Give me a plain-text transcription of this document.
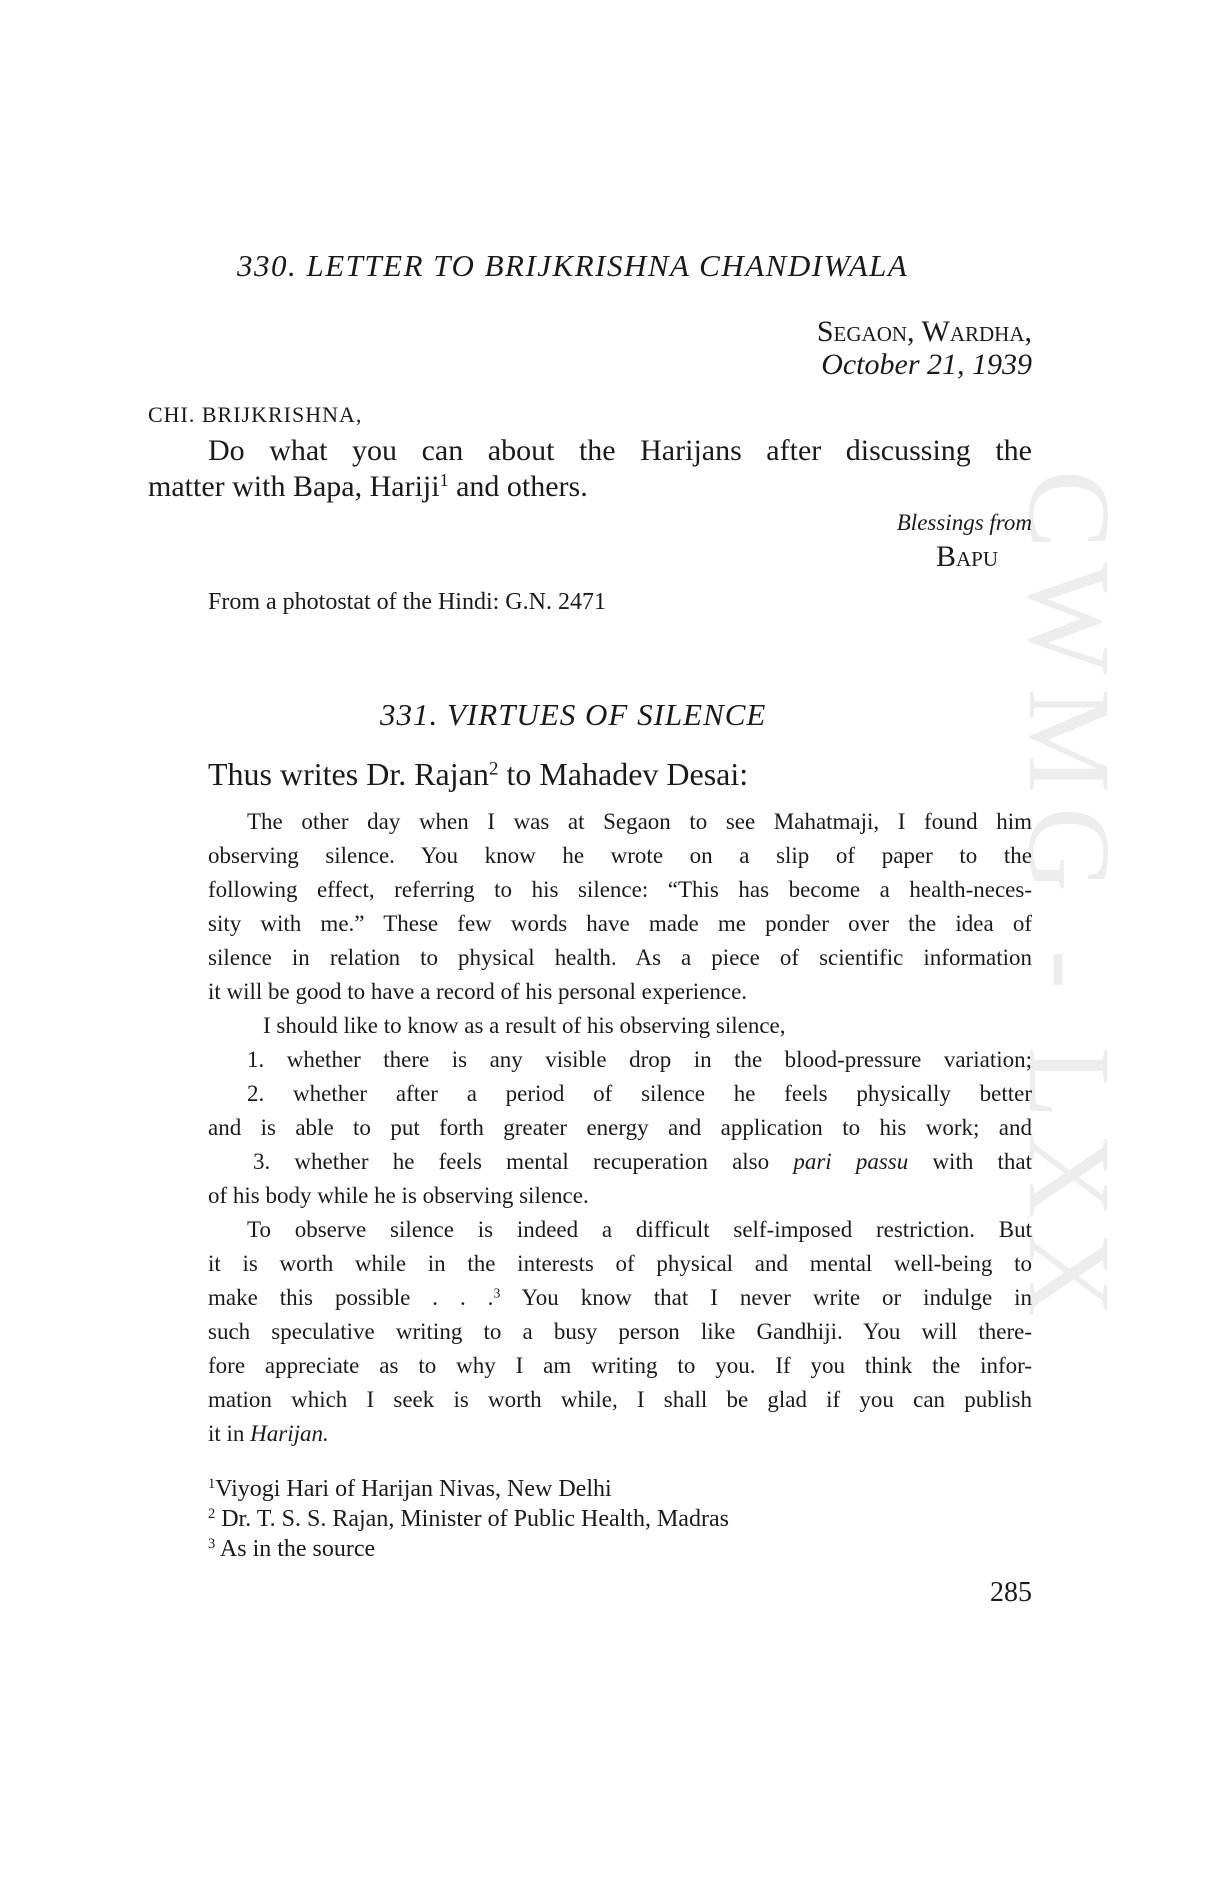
CWMG - LXX
330. LETTER TO BRIJKRISHNA CHANDIWALA
Segaon, Wardha,
October 21, 1939
CHI. BRIJKRISHNA,
Do what you can about the Harijans after discussing the
matter with Bapa, Hariji$^1$ and others.
Blessings from
Bapu
From a photostat of the Hindi: G.N. 2471
331. VIRTUES OF SILENCE
Thus writes Dr. Rajan$^2$ to Mahadev Desai:
The other day when I was at Segaon to see Mahatmaji, I found him
observing silence. You know he wrote on a slip of paper to the
following effect, referring to his silence: “This has become a health-neces-
sity with me.” These few words have made me ponder over the idea of
silence in relation to physical health. As a piece of scientific information
it will be good to have a record of his personal experience.
I should like to know as a result of his observing silence,
1. whether there is any visible drop in the blood-pressure variation;
2. whether after a period of silence he feels physically better
and is able to put forth greater energy and application to his work; and
3. whether he feels mental recuperation also pari passu with that
of his body while he is observing silence.
To observe silence is indeed a difficult self-imposed restriction. But
it is worth while in the interests of physical and mental well-being to
make this possible . . .$^3$ You know that I never write or indulge in
such speculative writing to a busy person like Gandhiji. You will there-
fore appreciate as to why I am writing to you. If you think the infor-
mation which I seek is worth while, I shall be glad if you can publish
it in Harijan.
$^1$Viyogi Hari of Harijan Nivas, New Delhi
$^2$ Dr. T. S. S. Rajan, Minister of Public Health, Madras
$^3$ As in the source
285
